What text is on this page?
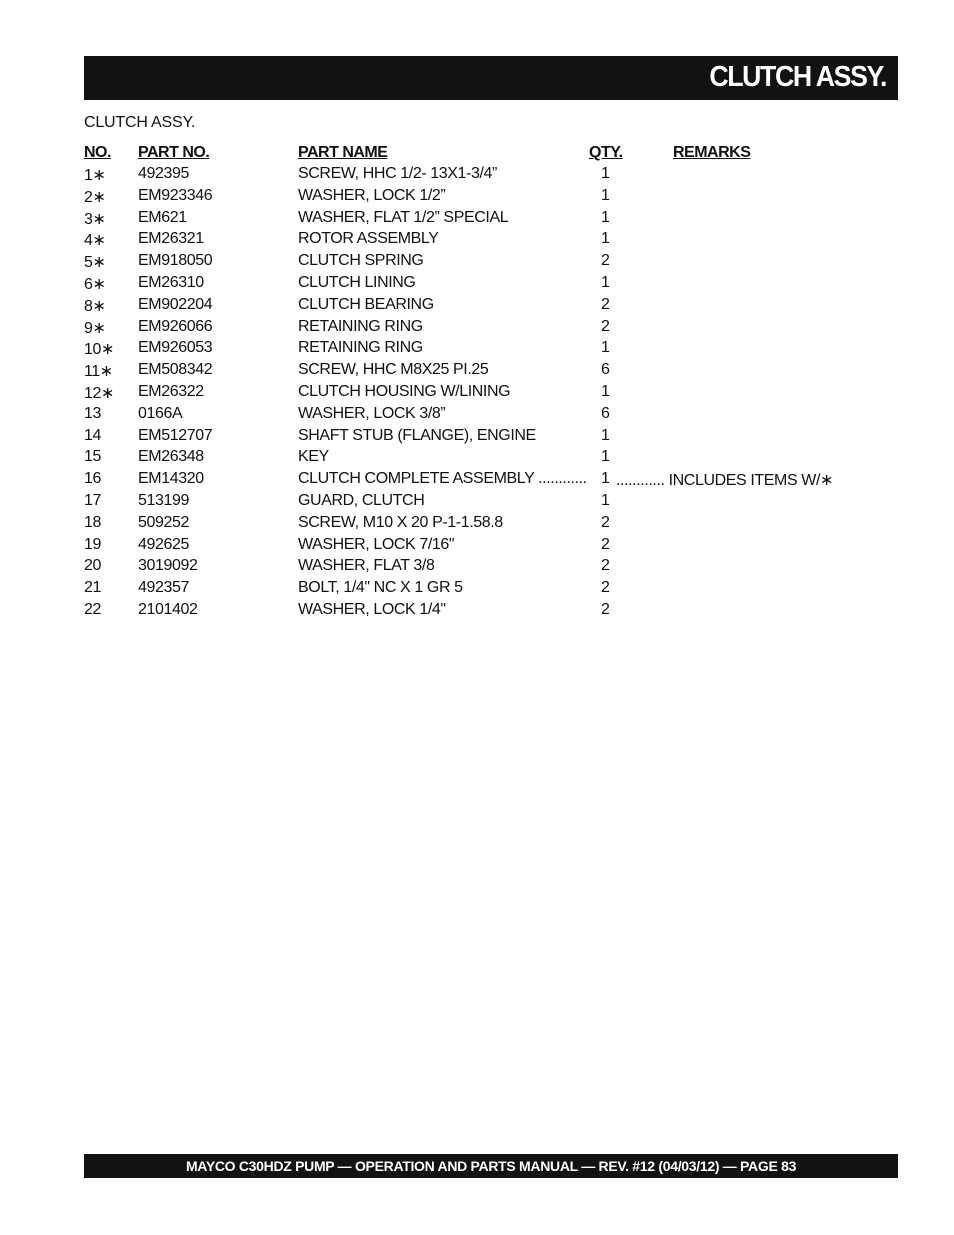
CLUTCH ASSY.
CLUTCH ASSY.
NO. PART NO.	PART NAME	QTY.	REMARKS
1∗ 492395	SCREW, HHC 1/2- 13X1-3/4”	1
2∗ EM923346	WASHER, LOCK 1/2”	1
3∗ EM621	WASHER, FLAT 1/2” SPECIAL	1
4∗ EM26321	ROTOR ASSEMBLY	1
5∗ EM918050	CLUTCH SPRING	2
6∗ EM26310	CLUTCH LINING	1
8∗ EM902204	CLUTCH BEARING	2
9∗ EM926066	RETAINING RING	2
10∗ EM926053	RETAINING RING	1
11∗ EM508342	SCREW, HHC M8X25 PI.25	6
12∗ EM26322	CLUTCH HOUSING W/LINING	1
13 0166A	WASHER, LOCK 3/8”	6
14 EM512707	SHAFT STUB (FLANGE), ENGINE	1
15 EM26348	KEY	1
16 EM14320	CLUTCH COMPLETE ASSEMBLY ............ 1 ............ INCLUDES ITEMS W/∗
17 513199	GUARD, CLUTCH	1
18 509252	SCREW, M10 X 20 P-1-1.58.8	2
19 492625	WASHER, LOCK 7/16"	2
20 3019092	WASHER, FLAT 3/8	2
21 492357	BOLT, 1/4" NC X 1 GR 5	2
22 2101402	WASHER, LOCK 1/4"	2
MAYCO C30HDZ PUMP — OPERATION AND PARTS MANUAL — REV. #12 (04/03/12) — PAGE 83
